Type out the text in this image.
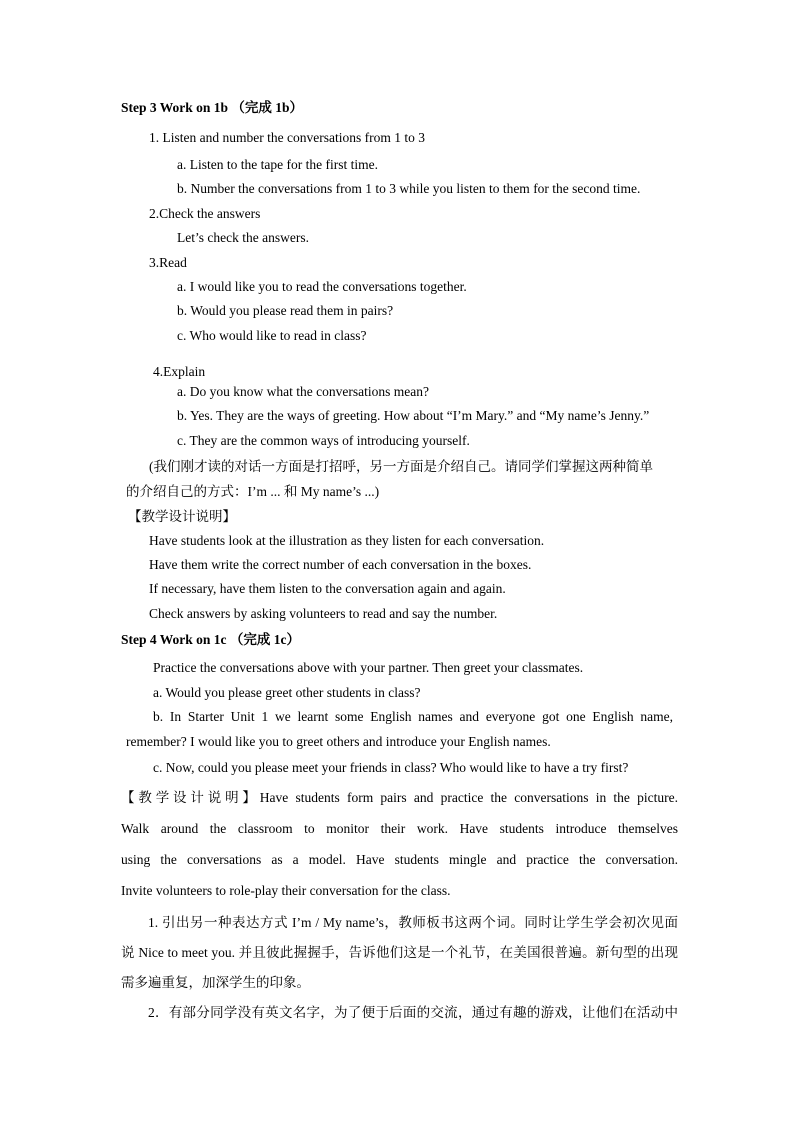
Step 3 Work on 1b （完成 1b）
1. Listen and number the conversations from 1 to 3
a. Listen to the tape for the first time.
b. Number the conversations from 1 to 3 while you listen to them for the second time.
2.Check the answers
Let’s check the answers.
3.Read
a. I would like you to read the conversations together.
b. Would you please read them in pairs?
c. Who would like to read in class?
4.Explain
a. Do you know what the conversations mean?
b. Yes. They are the ways of greeting. How about “I’m Mary.” and “My name’s Jenny.”
c. They are the common ways of introducing yourself.
(我们刚才读的对话一方面是打招呼，另一方面是介绍自己。请同学们掌握这两种简单
的介绍自己的方式：I’m ... 和 My name’s ...)
【教学设计说明】
Have students look at the illustration as they listen for each conversation.
Have them write the correct number of each conversation in the boxes.
If necessary, have them listen to the conversation again and again.
Check answers by asking volunteers to read and say the number.
Step 4 Work on 1c （完成 1c）
Practice the conversations above with your partner. Then greet your classmates.
a. Would you please greet other students in class?
b. In Starter Unit 1 we learnt some English names and everyone got one English name,
remember? I would like you to greet others and introduce your English names.
c. Now, could you please meet your friends in class? Who would like to have a try first?
【教学设计说明】Have students form pairs and practice the conversations in the picture.
Walk around the classroom to monitor their work. Have students introduce themselves
using the conversations as a model. Have students mingle and practice the conversation.
Invite volunteers to role-play their conversation for the class.
1. 引出另一种表达方式 I’m / My name’s，教师板书这两个词。同时让学生学会初次见面
说 Nice to meet you. 并且彼此握握手，告诉他们这是一个礼节，在美国很普遍。新句型的出现
需多遍重复，加深学生的印象。
2．有部分同学没有英文名字，为了便于后面的交流，通过有趣的游戏，让他们在活动中
